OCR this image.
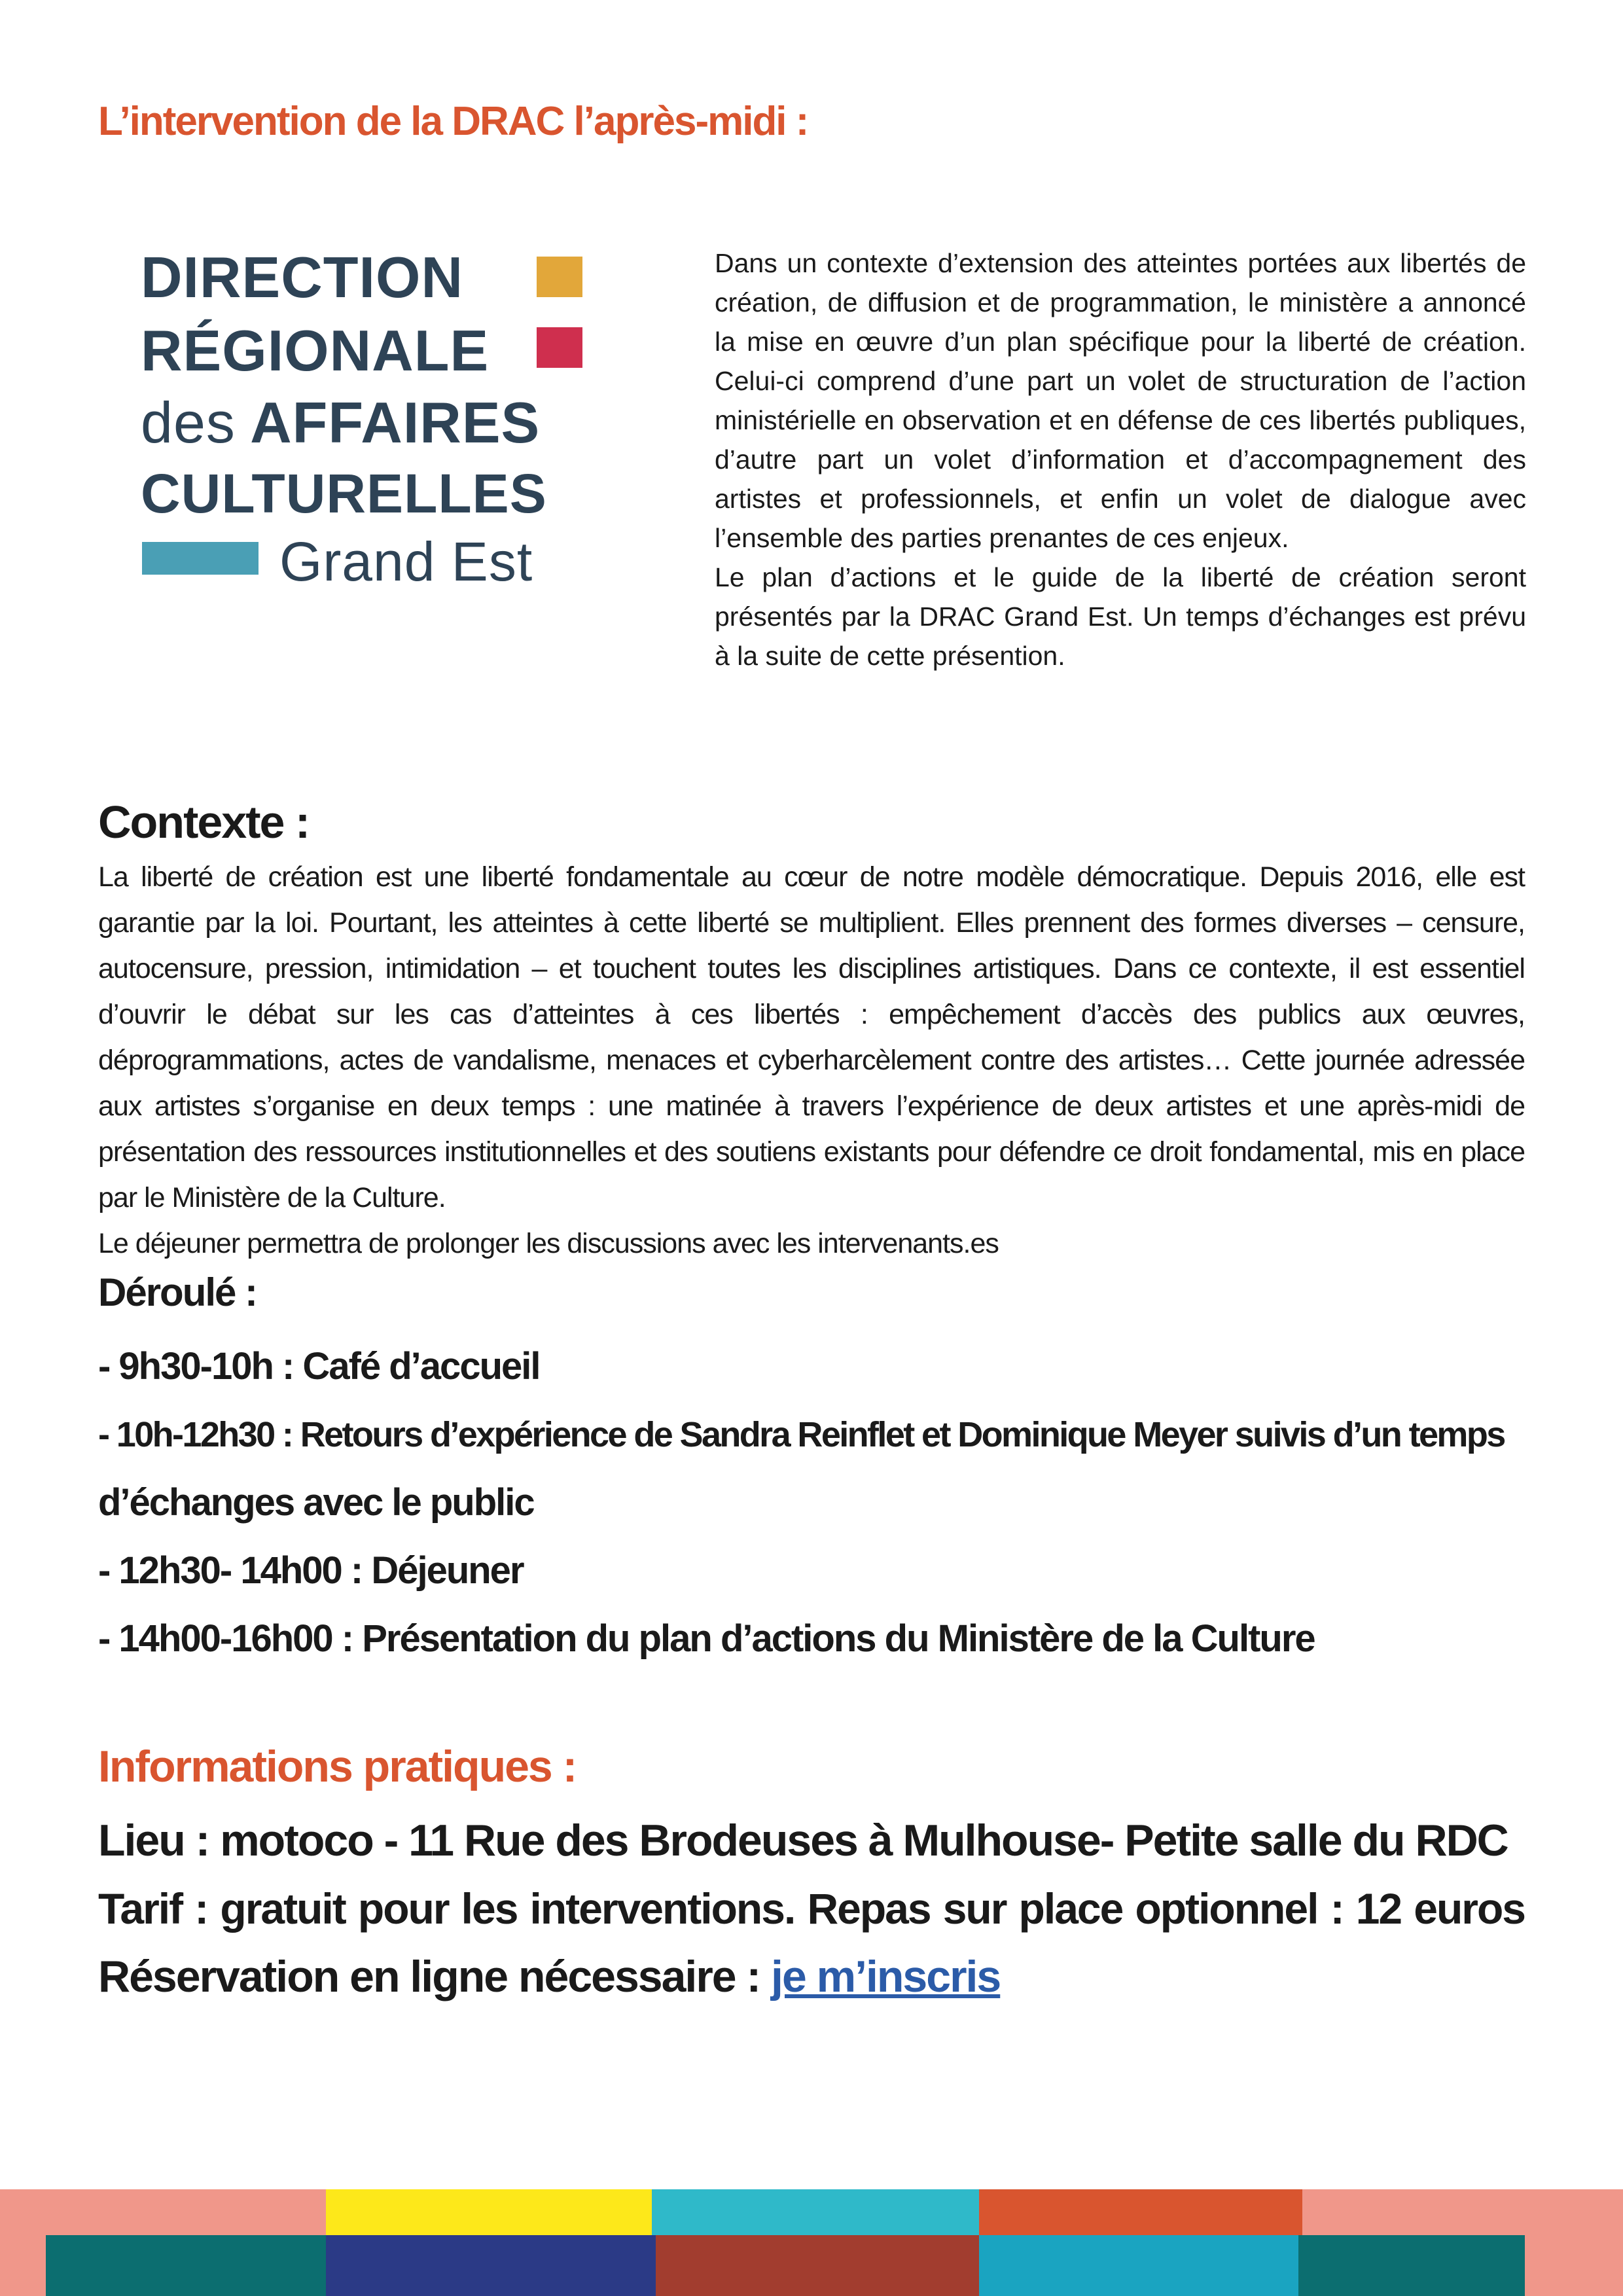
L’intervention de la DRAC l’après-midi :
DIRECTION
RÉGIONALE
des AFFAIRES
CULTURELLES
Grand Est

Dans un contexte d’extension des atteintes portées aux libertés de création, de diffusion et de programmation, le ministère a annoncé la mise en œuvre d’un plan spécifique pour la liberté de création. Celui-ci comprend d’une part un volet de structuration de l’action ministérielle en observation et en défense de ces libertés publiques, d’autre part un volet d’information et d’accompagnement des artistes et professionnels, et enfin un volet de dialogue avec l’ensemble des parties prenantes de ces enjeux.

Le plan d’actions et le guide de la liberté de création seront présentés par la DRAC Grand Est. Un temps d’échanges est prévu à la suite de cette présention.

Contexte :

La liberté de création est une liberté fondamentale au cœur de notre modèle démocratique. Depuis 2016, elle est garantie par la loi. Pourtant, les atteintes à cette liberté se multiplient. Elles prennent des formes diverses – censure, autocensure, pression, intimidation – et touchent toutes les disciplines artistiques. Dans ce contexte, il est essentiel d’ouvrir le débat sur les cas d’atteintes à ces libertés : empêchement d’accès des publics aux œuvres, déprogrammations, actes de vandalisme, menaces et cyberharcèlement contre des artistes… Cette journée adressée aux artistes s’organise en deux temps : une matinée à travers l’expérience de deux artistes et une après-midi de présentation des ressources institutionnelles et des soutiens existants pour défendre ce droit fondamental, mis en place par le Ministère de la Culture.

Le déjeuner permettra de prolonger les discussions avec les intervenants.es

Déroulé :
- 9h30-10h : Café d’accueil
- 10h-12h30 : Retours d’expérience de Sandra Reinflet et Dominique Meyer suivis d’un temps
d’échanges avec le public
- 12h30- 14h00 : Déjeuner
- 14h00-16h00 : Présentation du plan d’actions du Ministère de la Culture
Informations pratiques :
Lieu : motoco - 11 Rue des Brodeuses à Mulhouse- Petite salle du RDC
Tarif : gratuit pour les interventions. Repas sur place optionnel : 12 euros
Réservation en ligne nécessaire : je m’inscris
